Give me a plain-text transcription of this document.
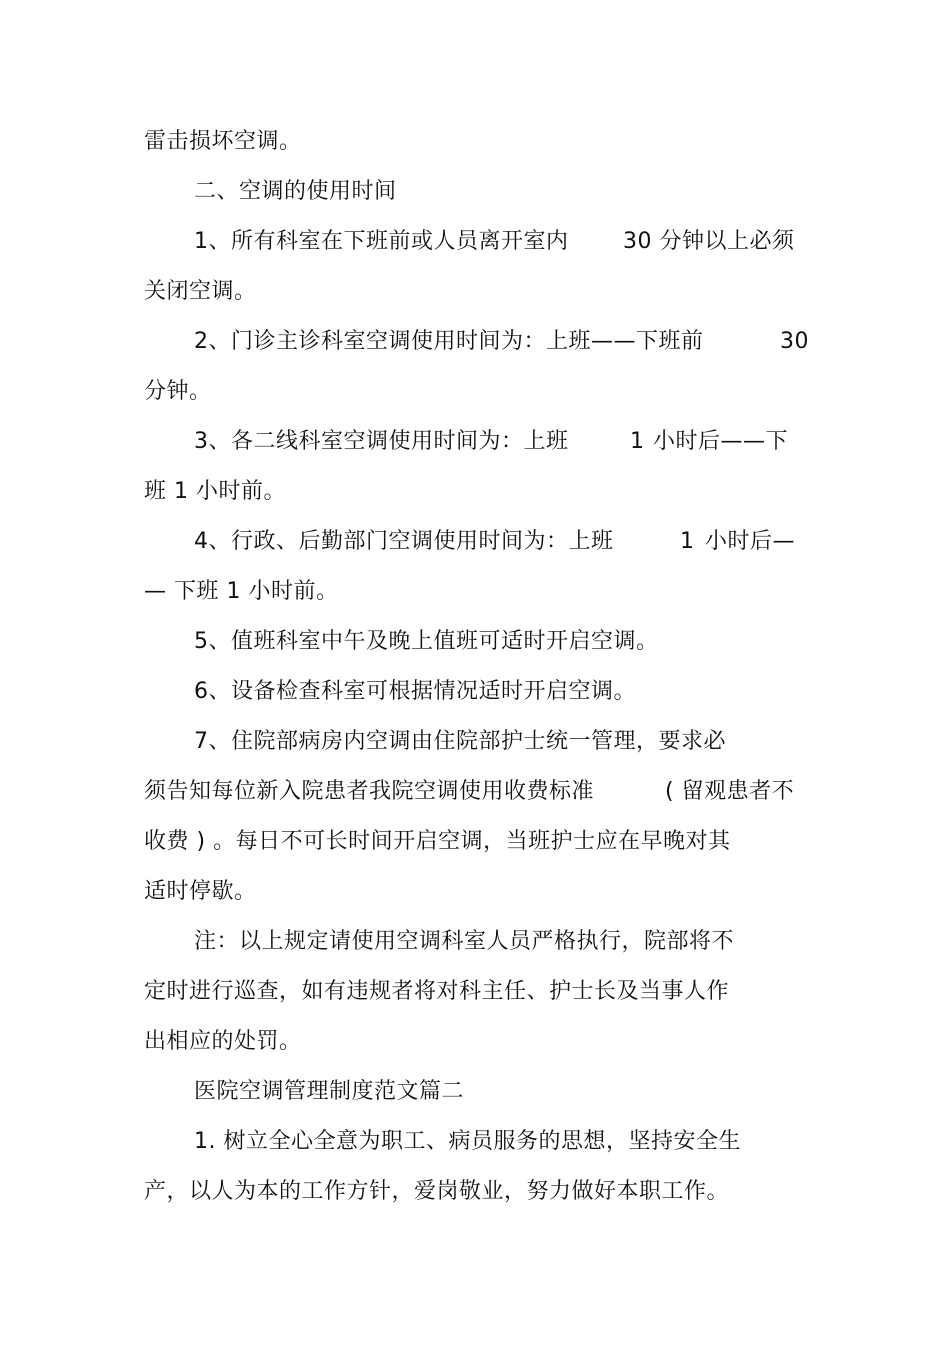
雷击损坏空调。
二、空调的使用时间
1、所有科室在下班前或人员离开室内 30 分钟以上必须
关闭空调。
2、门诊主诊科室空调使用时间为：上班——下班前	30
分钟。
3、各二线科室空调使用时间为：上班	1 小时后——下
班 1 小时前。
4、行政、后勤部门空调使用时间为：上班	1 小时后—
— 下班 1 小时前。
5、值班科室中午及晚上值班可适时开启空调。
6、设备检查科室可根据情况适时开启空调。
7、住院部病房内空调由住院部护士统一管理，要求必
须告知每位新入院患者我院空调使用收费标准	( 留观患者不
收费 ) 。每日不可长时间开启空调，当班护士应在早晚对其
适时停歇。
注：以上规定请使用空调科室人员严格执行，院部将不
定时进行巡查，如有违规者将对科主任、护士长及当事人作
出相应的处罚。
医院空调管理制度范文篇二
1. 树立全心全意为职工、病员服务的思想，坚持安全生
产，以人为本的工作方针，爱岗敬业，努力做好本职工作。
